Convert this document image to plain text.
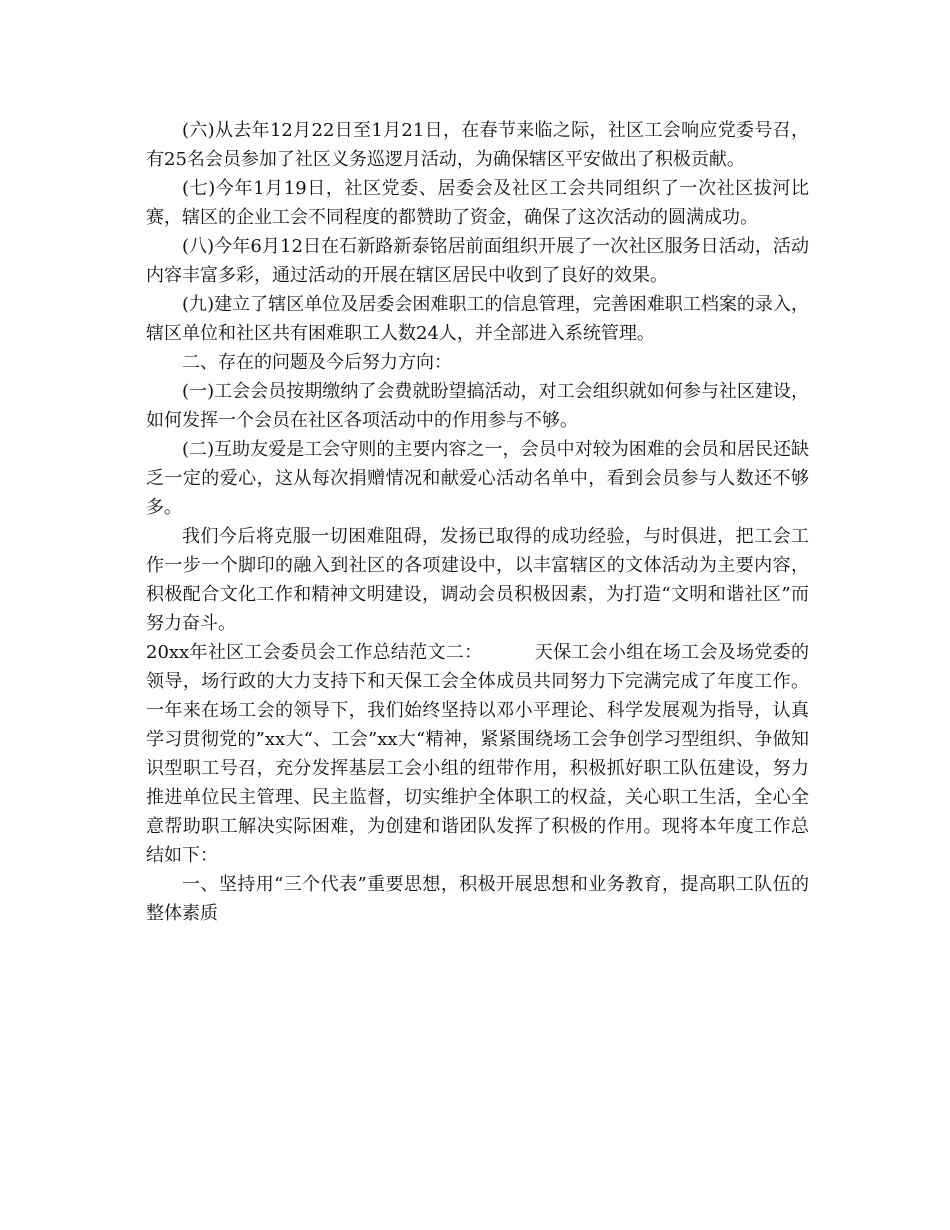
(六)从去年12月22日至1月21日，在春节来临之际，社区工会响应党委号召，有25名会员参加了社区义务巡逻月活动，为确保辖区平安做出了积极贡献。

(七)今年1月19日，社区党委、居委会及社区工会共同组织了一次社区拔河比赛，辖区的企业工会不同程度的都赞助了资金，确保了这次活动的圆满成功。

(八)今年6月12日在石新路新泰铭居前面组织开展了一次社区服务日活动，活动内容丰富多彩，通过活动的开展在辖区居民中收到了良好的效果。

(九)建立了辖区单位及居委会困难职工的信息管理，完善困难职工档案的录入，辖区单位和社区共有困难职工人数24人，并全部进入系统管理。

二、存在的问题及今后努力方向：

(一)工会会员按期缴纳了会费就盼望搞活动，对工会组织就如何参与社区建设，如何发挥一个会员在社区各项活动中的作用参与不够。

(二)互助友爱是工会守则的主要内容之一，会员中对较为困难的会员和居民还缺乏一定的爱心，这从每次捐赠情况和献爱心活动名单中，看到会员参与人数还不够多。

我们今后将克服一切困难阻碍，发扬已取得的成功经验，与时俱进，把工会工作一步一个脚印的融入到社区的各项建设中，以丰富辖区的文体活动为主要内容，积极配合文化工作和精神文明建设，调动会员积极因素，为打造“文明和谐社区”而努力奋斗。

20xx年社区工会委员会工作总结范文二：	天保工会小组在场工会及场党委的领导，场行政的大力支持下和天保工会全体成员共同努力下完满完成了年度工作。一年来在场工会的领导下，我们始终坚持以邓小平理论、科学发展观为指导，认真学习贯彻党的”xx大“、工会”xx大“精神，紧紧围绕场工会争创学习型组织、争做知识型职工号召，充分发挥基层工会小组的纽带作用，积极抓好职工队伍建设，努力推进单位民主管理、民主监督，切实维护全体职工的权益，关心职工生活，全心全意帮助职工解决实际困难，为创建和谐团队发挥了积极的作用。现将本年度工作总结如下：

一、坚持用“三个代表”重要思想，积极开展思想和业务教育，提高职工队伍的整体素质
